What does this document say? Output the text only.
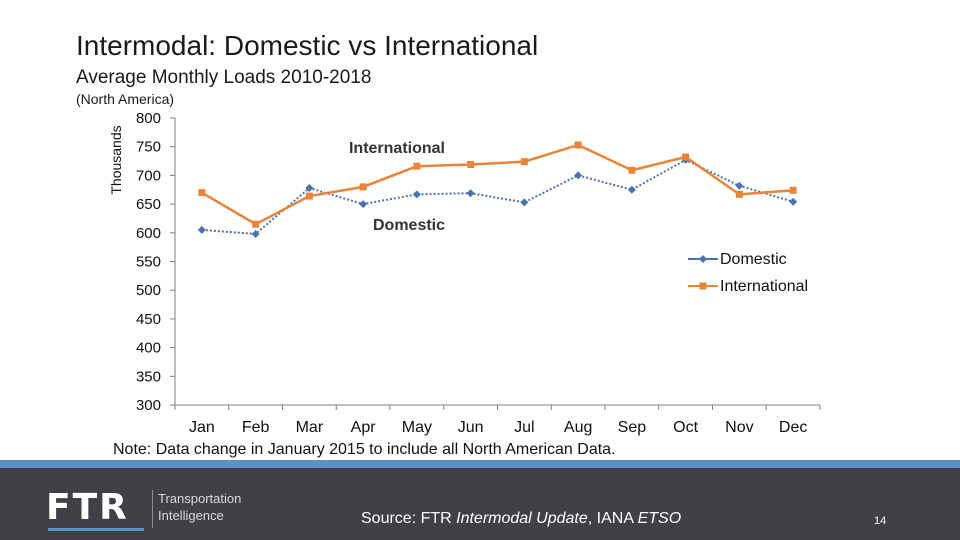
Intermodal: Domestic vs International
Average Monthly Loads 2010-2018
(North America)
300
350
400
450
500
550
600
650
700
750
800
Jan Feb Mar Apr May Jun Jul Aug Sep Oct Nov Dec
Thousands	International
Domestic
Domestic
International
Note: Data change in January 2015 to include all North American Data.
FTR Transportation
Intelligence	Source: FTR Intermodal Update, IANA ETSO	14
